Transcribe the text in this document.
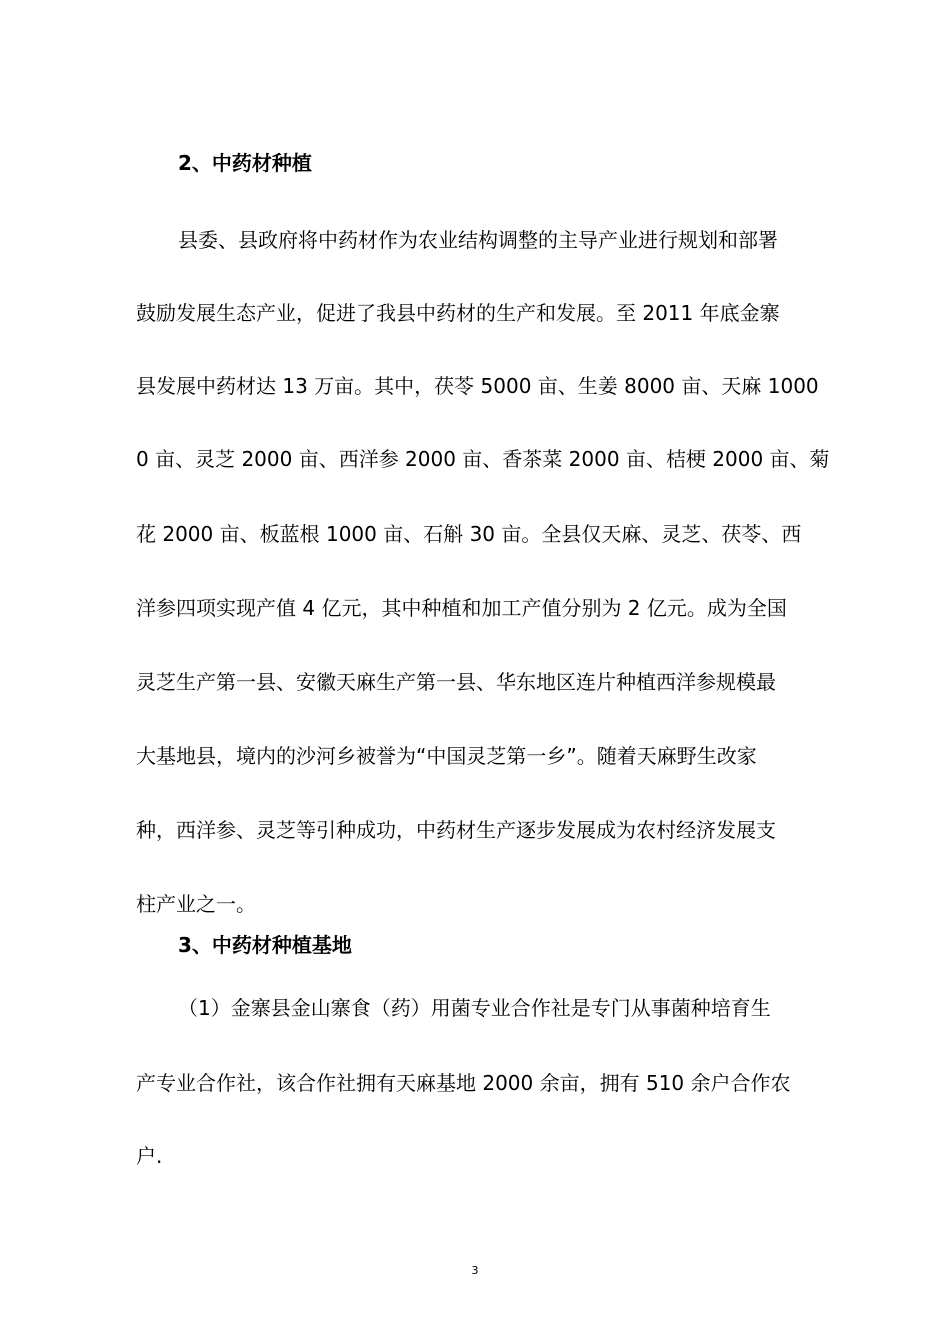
2、中药材种植
县委、县政府将中药材作为农业结构调整的主导产业进行规划和部署
鼓励发展生态产业，促进了我县中药材的生产和发展。至 2011 年底金寨
县发展中药材达 13 万亩。其中，茯苓 5000 亩、生姜 8000 亩、天麻 1000
0 亩、灵芝 2000 亩、西洋参 2000 亩、香茶菜 2000 亩、桔梗 2000 亩、菊
花 2000 亩、板蓝根 1000 亩、石斛 30 亩。全县仅天麻、灵芝、茯苓、西
洋参四项实现产值 4 亿元，其中种植和加工产值分别为 2 亿元。成为全国
灵芝生产第一县、安徽天麻生产第一县、华东地区连片种植西洋参规模最
大基地县，境内的沙河乡被誉为“中国灵芝第一乡”。随着天麻野生改家
种，西洋参、灵芝等引种成功，中药材生产逐步发展成为农村经济发展支
柱产业之一。
3、中药材种植基地
（1）金寨县金山寨食（药）用菌专业合作社是专门从事菌种培育生
产专业合作社，该合作社拥有天麻基地 2000 余亩，拥有 510 余户合作农
户.
3
